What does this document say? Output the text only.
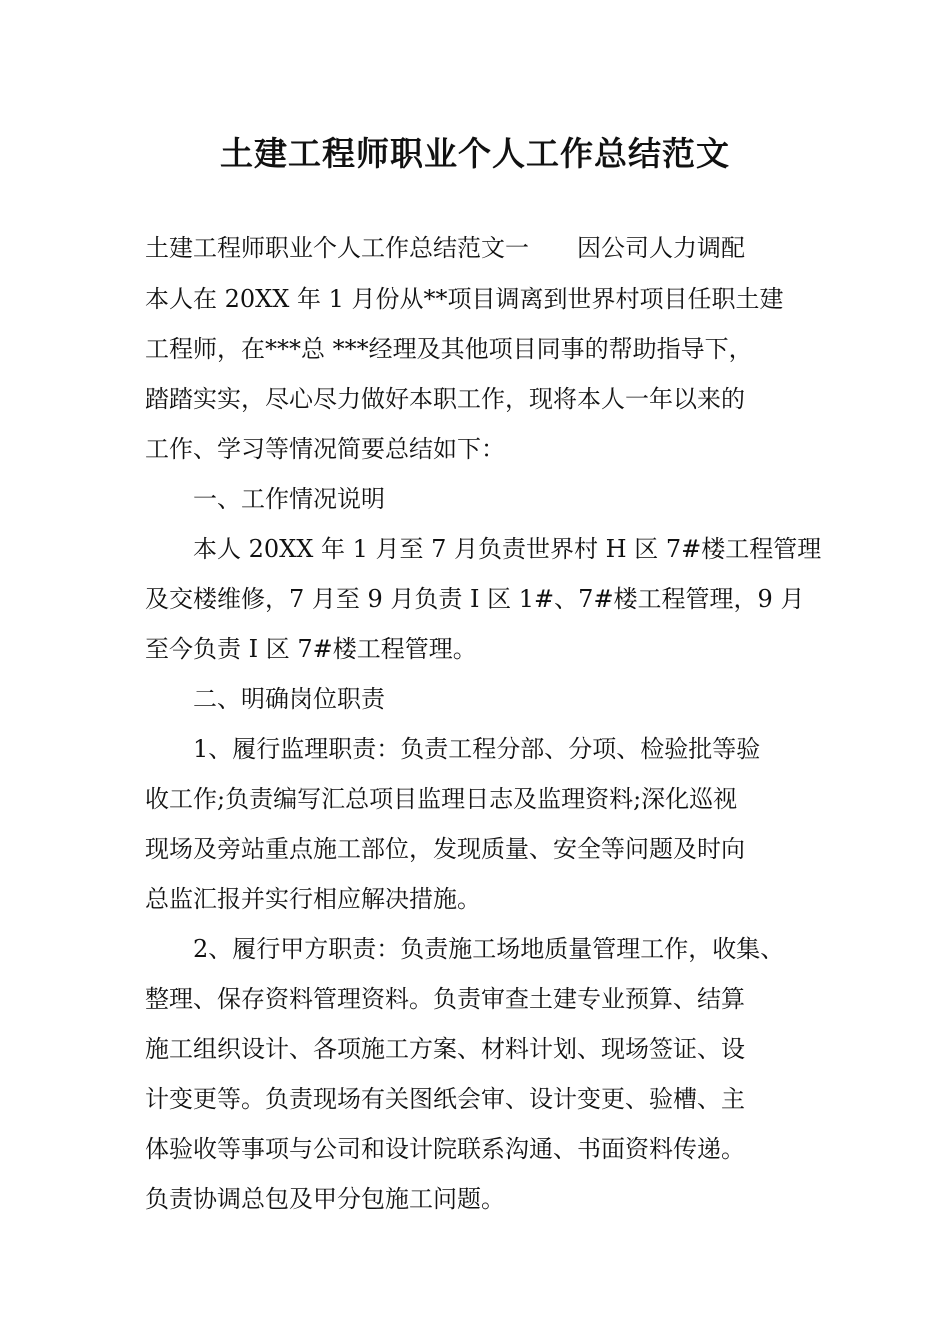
土建工程师职业个人工作总结范文
土建工程师职业个人工作总结范文一　　因公司人力调配
本人在 20XX 年 1 月份从**项目调离到世界村项目任职土建
工程师，在***总 ***经理及其他项目同事的帮助指导下，
踏踏实实，尽心尽力做好本职工作，现将本人一年以来的
工作、学习等情况简要总结如下：
　　一、工作情况说明
　　本人 20XX 年 1 月至 7 月负责世界村 H 区 7#楼工程管理
及交楼维修，7 月至 9 月负责 I 区 1#、7#楼工程管理，9 月
至今负责 I 区 7#楼工程管理。
　　二、明确岗位职责
　　1、履行监理职责：负责工程分部、分项、检验批等验
收工作;负责编写汇总项目监理日志及监理资料;深化巡视
现场及旁站重点施工部位，发现质量、安全等问题及时向
总监汇报并实行相应解决措施。
　　2、履行甲方职责：负责施工场地质量管理工作，收集、
整理、保存资料管理资料。负责审查土建专业预算、结算
施工组织设计、各项施工方案、材料计划、现场签证、设
计变更等。负责现场有关图纸会审、设计变更、验槽、主
体验收等事项与公司和设计院联系沟通、书面资料传递。
负责协调总包及甲分包施工问题。
